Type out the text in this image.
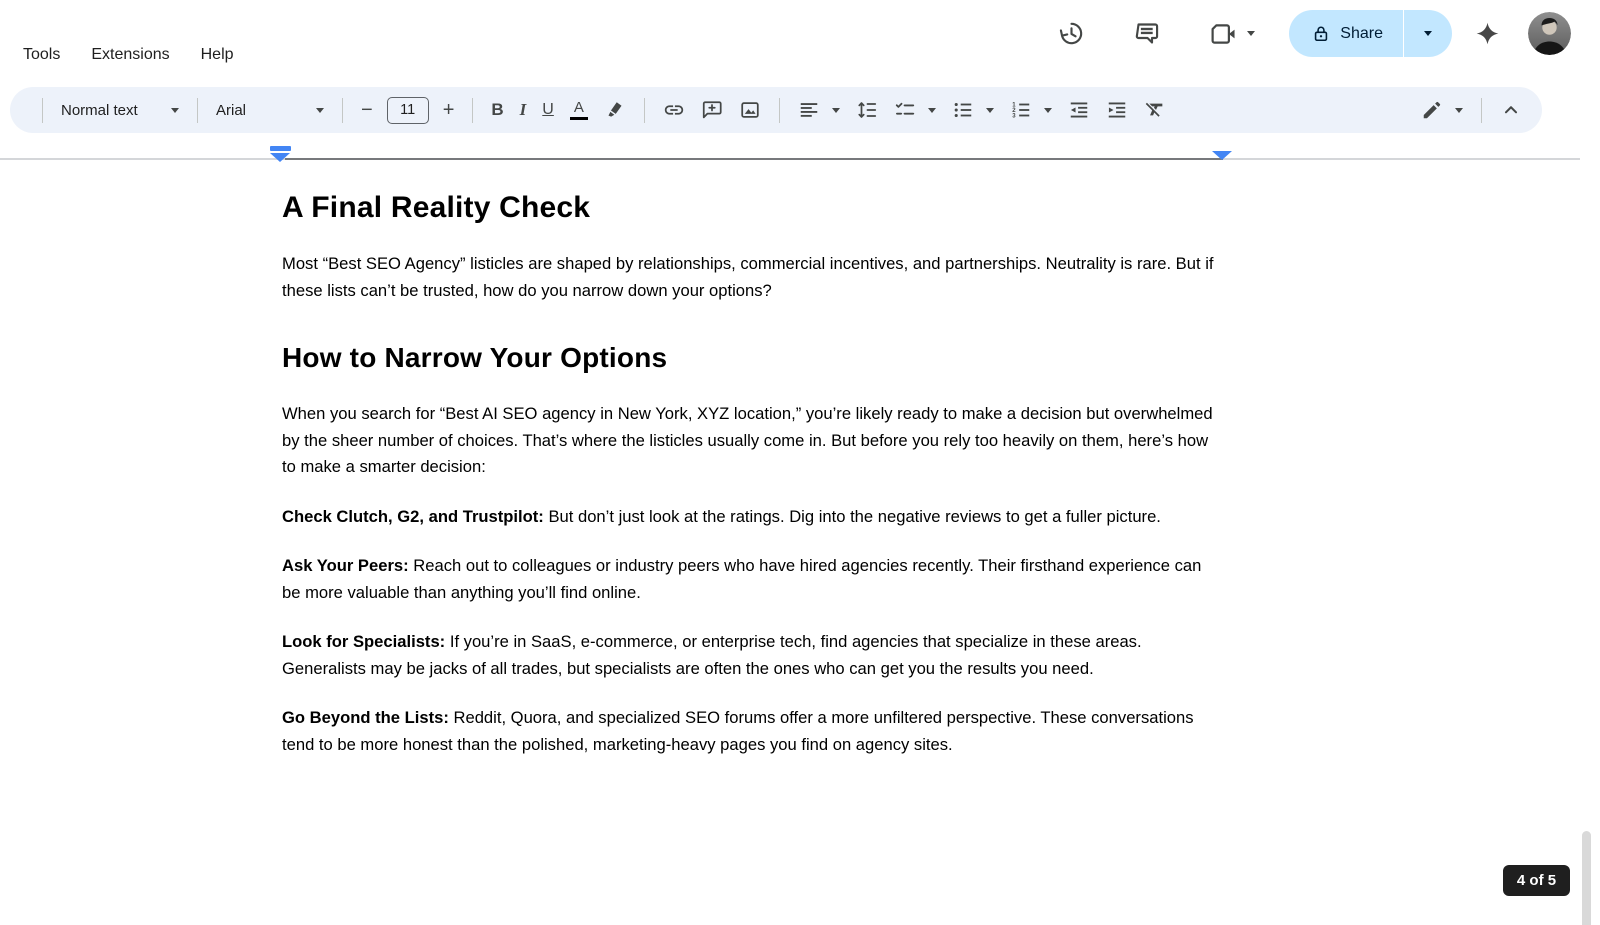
Tools Extensions Help
Share
Normal text	Arial	−	11	+ B I	U	A	1
2
3
A Final Reality Check

Most “Best SEO Agency” listicles are shaped by relationships, commercial incentives, and partnerships. Neutrality is rare. But if these lists can’t be trusted, how do you narrow down your options?

How to Narrow Your Options

When you search for “Best AI SEO agency in New York, XYZ location,” you’re likely ready to make a decision but overwhelmed by the sheer number of choices. That’s where the listicles usually come in. But before you rely too heavily on them, here’s how to make a smarter decision:

Check Clutch, G2, and Trustpilot: But don’t just look at the ratings. Dig into the negative reviews to get a fuller picture.

Ask Your Peers: Reach out to colleagues or industry peers who have hired agencies recently. Their firsthand experience can be more valuable than anything you’ll find online.

Look for Specialists: If you’re in SaaS, e-commerce, or enterprise tech, find agencies that specialize in these areas. Generalists may be jacks of all trades, but specialists are often the ones who can get you the results you need.

Go Beyond the Lists: Reddit, Quora, and specialized SEO forums offer a more unfiltered perspective. These conversations tend to be more honest than the polished, marketing-heavy pages you find on agency sites.

4 of 5
